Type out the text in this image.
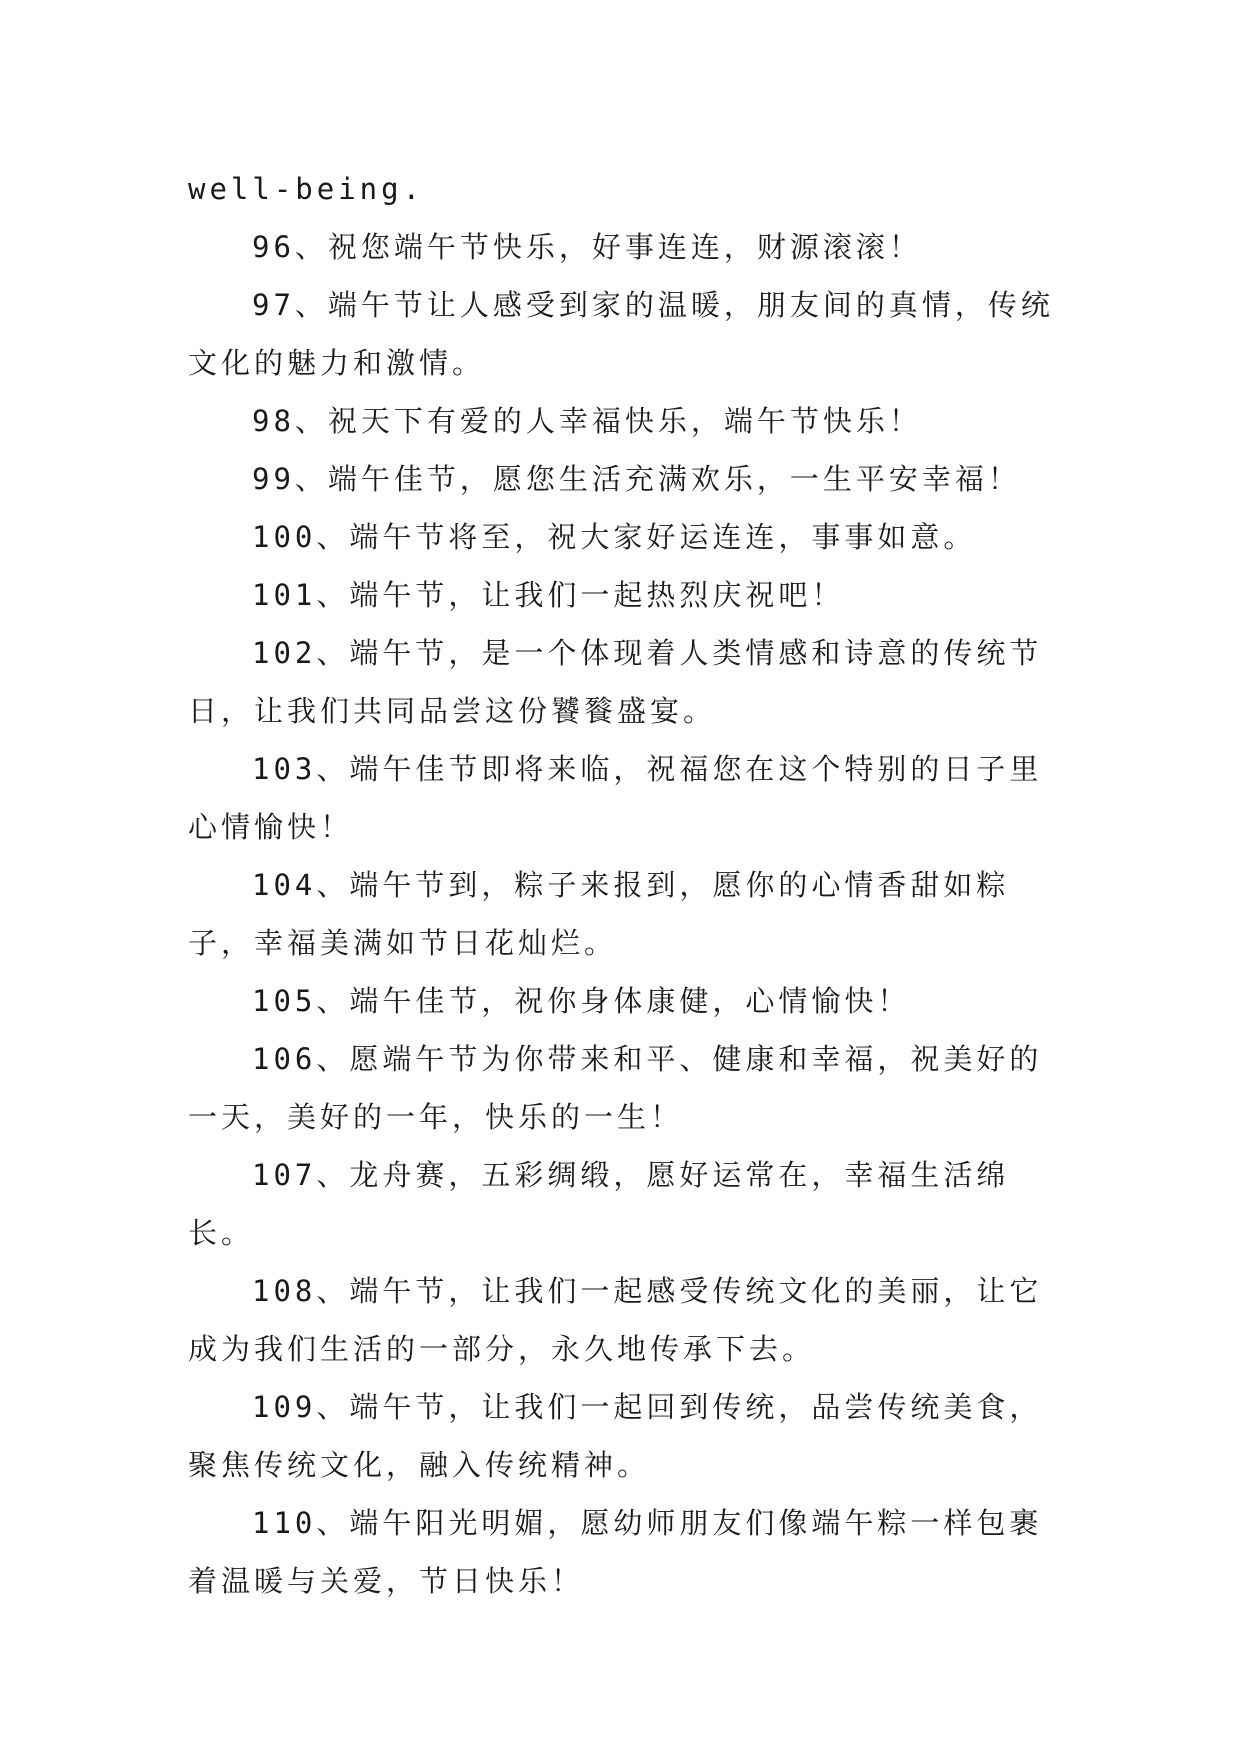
well-being.

96、祝您端午节快乐，好事连连，财源滚滚！

97、端午节让人感受到家的温暖，朋友间的真情，传统文化的魅力和激情。

98、祝天下有爱的人幸福快乐，端午节快乐！

99、端午佳节，愿您生活充满欢乐，一生平安幸福！

100、端午节将至，祝大家好运连连，事事如意。

101、端午节，让我们一起热烈庆祝吧！

102、端午节，是一个体现着人类情感和诗意的传统节日，让我们共同品尝这份饕餮盛宴。

103、端午佳节即将来临，祝福您在这个特别的日子里心情愉快！

104、端午节到，粽子来报到，愿你的心情香甜如粽子，幸福美满如节日花灿烂。

105、端午佳节，祝你身体康健，心情愉快！

106、愿端午节为你带来和平、健康和幸福，祝美好的一天，美好的一年，快乐的一生！

107、龙舟赛，五彩绸缎，愿好运常在，幸福生活绵长。

108、端午节，让我们一起感受传统文化的美丽，让它成为我们生活的一部分，永久地传承下去。

109、端午节，让我们一起回到传统，品尝传统美食，聚焦传统文化，融入传统精神。

110、端午阳光明媚，愿幼师朋友们像端午粽一样包裹着温暖与关爱，节日快乐！
